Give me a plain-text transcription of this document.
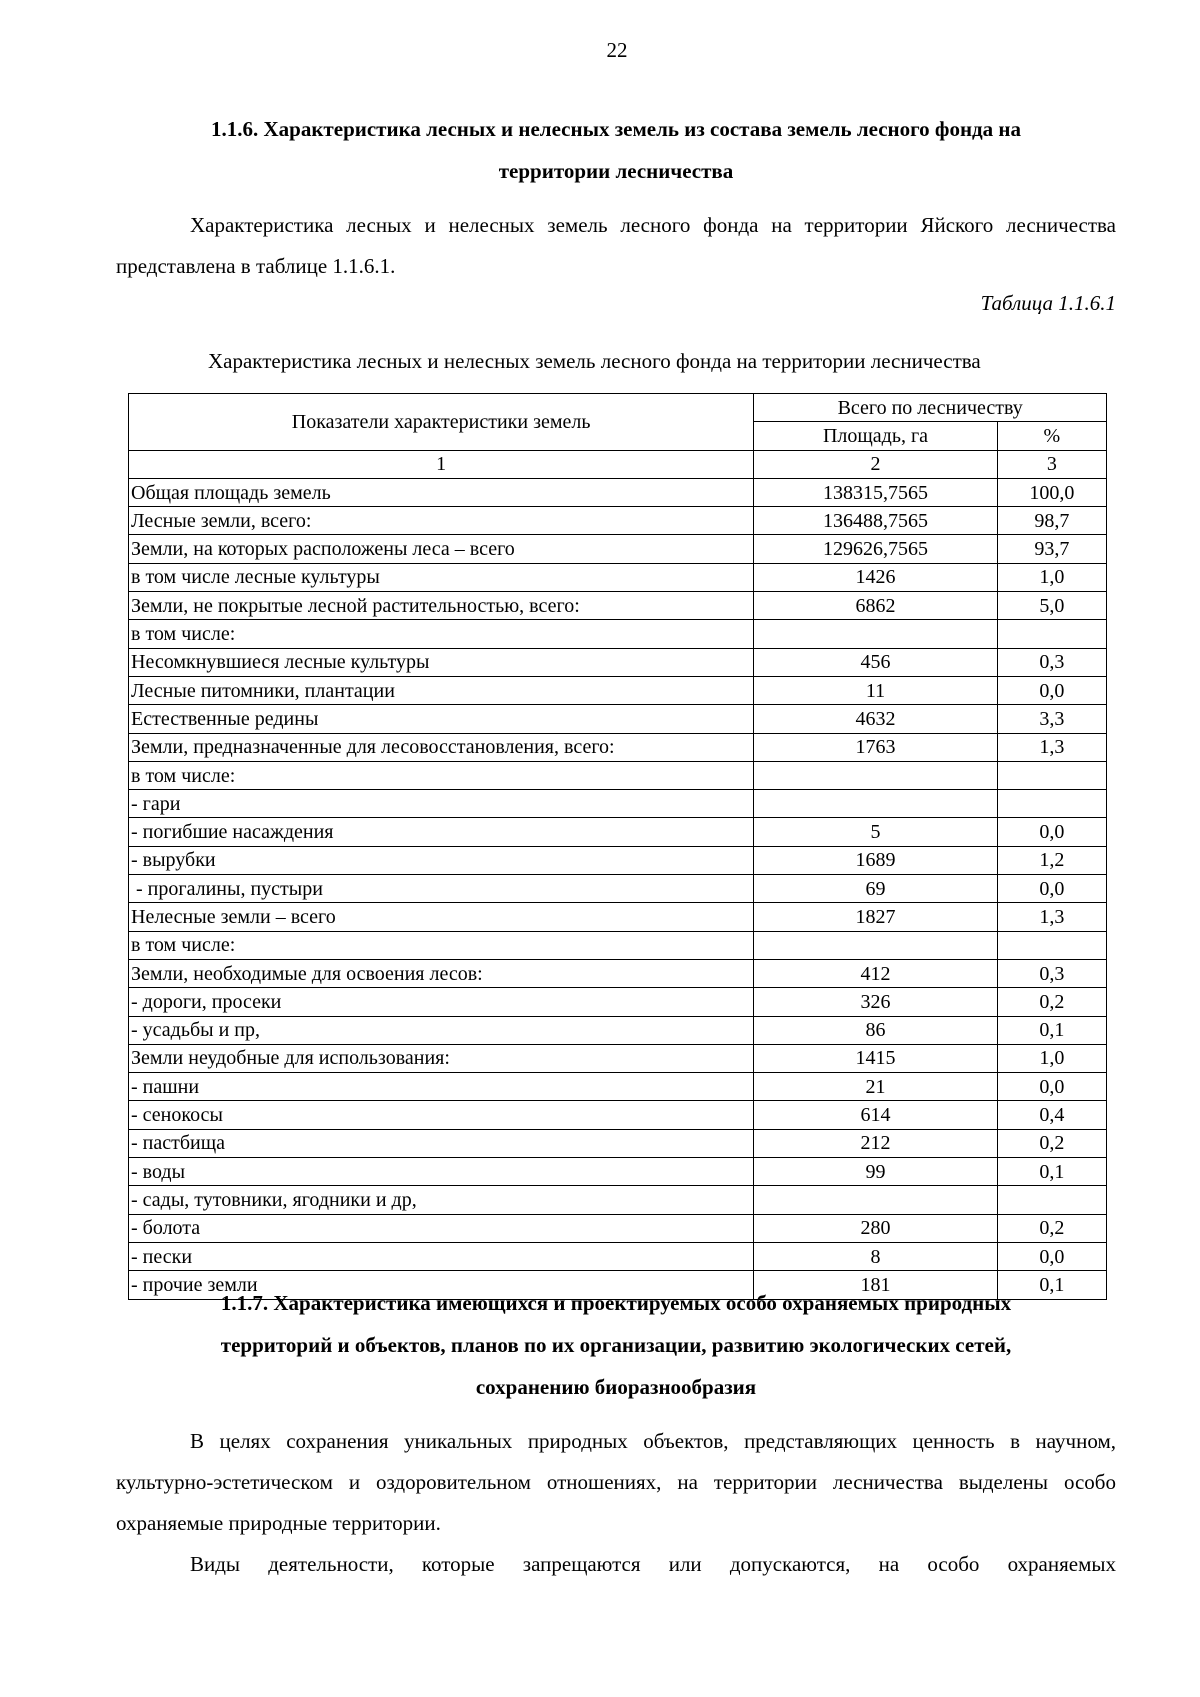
22
1.1.6. Характеристика лесных и нелесных земель из состава земель лесного фонда на
территории лесничества

Характеристика лесных и нелесных земель лесного фонда на территории Яйского лесничества представлена в таблице 1.1.6.1.

Таблица 1.1.6.1
Характеристика лесных и нелесных земель лесного фонда на территории лесничества
Показатели характеристики земель	Всего по лесничеству	
	Площадь, га	%
1	2	3
Общая площадь земель	138315,7565	100,0
Лесные земли, всего:	136488,7565	98,7
Земли, на которых расположены леса – всего	129626,7565	93,7
в том числе лесные культуры	1426	1,0
Земли, не покрытые лесной растительностью, всего:	6862	5,0
в том числе:		
Несомкнувшиеся лесные культуры	456	0,3
Лесные питомники, плантации	11	0,0
Естественные редины	4632	3,3
Земли, предназначенные для лесовосстановления, всего:	1763	1,3
в том числе:		
- гари		
- погибшие насаждения	5	0,0
- вырубки	1689	1,2
- прогалины, пустыри	69	0,0
Нелесные земли – всего	1827	1,3
в том числе:		
Земли, необходимые для освоения лесов:	412	0,3
- дороги, просеки	326	0,2
- усадьбы и пр,	86	0,1
Земли неудобные для использования:	1415	1,0
- пашни	21	0,0
- сенокосы	614	0,4
- пастбища	212	0,2
- воды	99	0,1
- сады, тутовники, ягодники и др,		
- болота	280	0,2
- пески	8	0,0
- прочие земли	181	0,1
1.1.7. Характеристика имеющихся и проектируемых особо охраняемых природных
территорий и объектов, планов по их организации, развитию экологических сетей,
сохранению биоразнообразия

В целях сохранения уникальных природных объектов, представляющих ценность в научном, культурно-эстетическом и оздоровительном отношениях, на территории лесничества выделены особо охраняемые природные территории.

Виды деятельности, которые запрещаются или допускаются, на особо охраняемых
